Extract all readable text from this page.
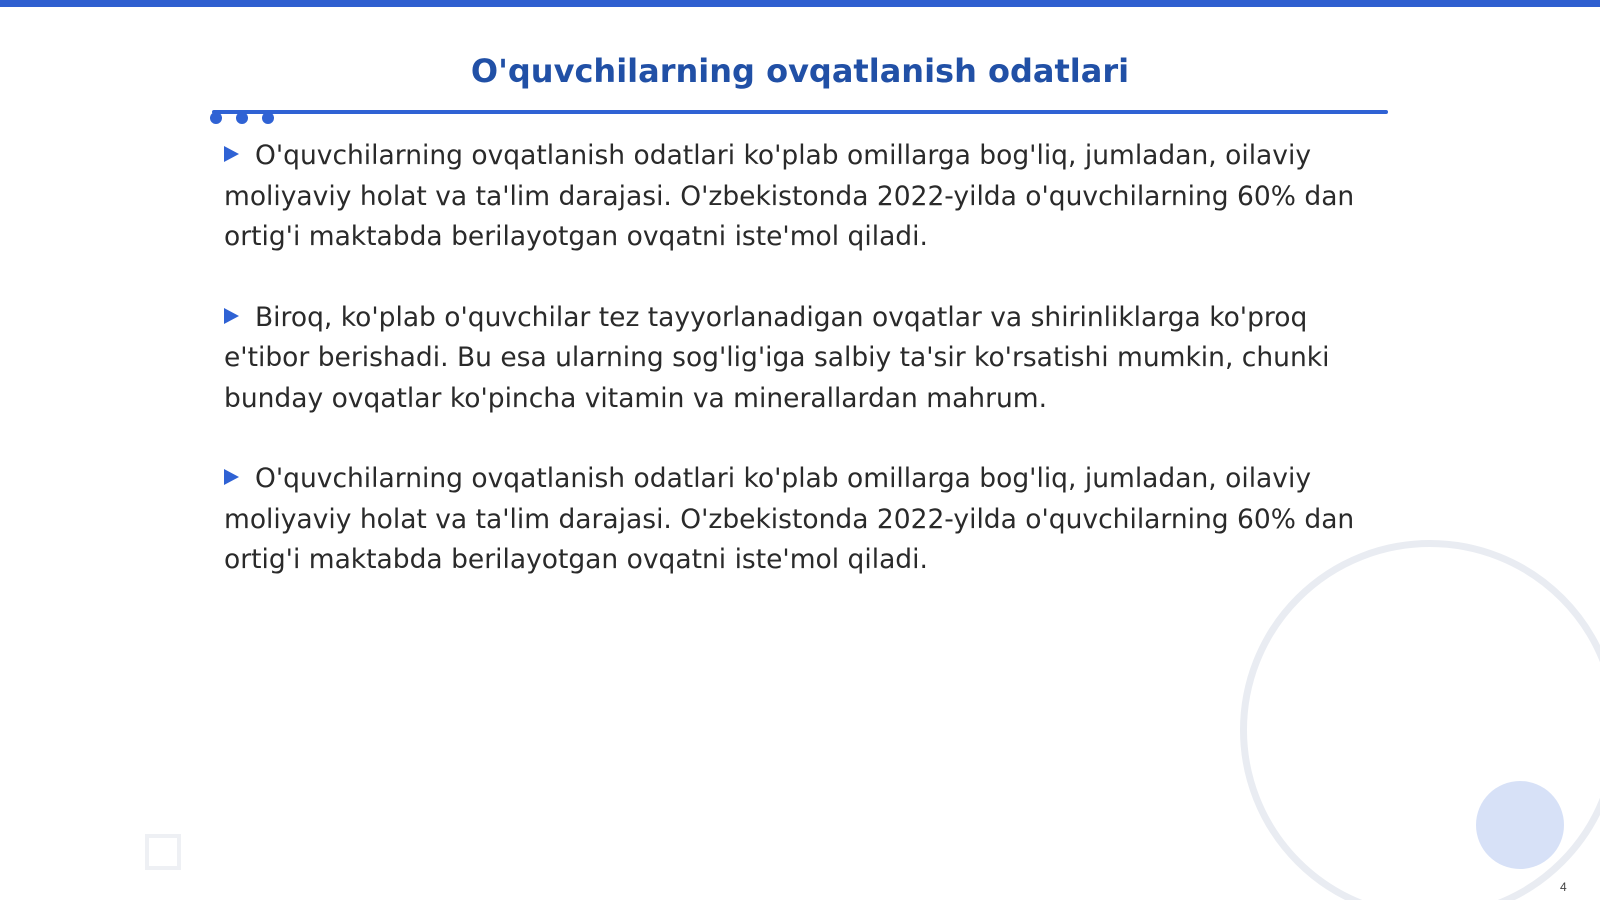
O'quvchilarning ovqatlanish odatlari

O'quvchilarning ovqatlanish odatlari ko'plab omillarga bog'liq, jumladan, oilaviy moliyaviy holat va ta'lim darajasi. O'zbekistonda 2022-yilda o'quvchilarning 60% dan ortig'i maktabda berilayotgan ovqatni iste'mol qiladi.

Biroq, ko'plab o'quvchilar tez tayyorlanadigan ovqatlar va shirinliklarga ko'proq e'tibor berishadi. Bu esa ularning sog'lig'iga salbiy ta'sir ko'rsatishi mumkin, chunki bunday ovqatlar ko'pincha vitamin va minerallardan mahrum.

O'quvchilarning ovqatlanish odatlari ko'plab omillarga bog'liq, jumladan, oilaviy moliyaviy holat va ta'lim darajasi. O'zbekistonda 2022-yilda o'quvchilarning 60% dan ortig'i maktabda berilayotgan ovqatni iste'mol qiladi.

4
